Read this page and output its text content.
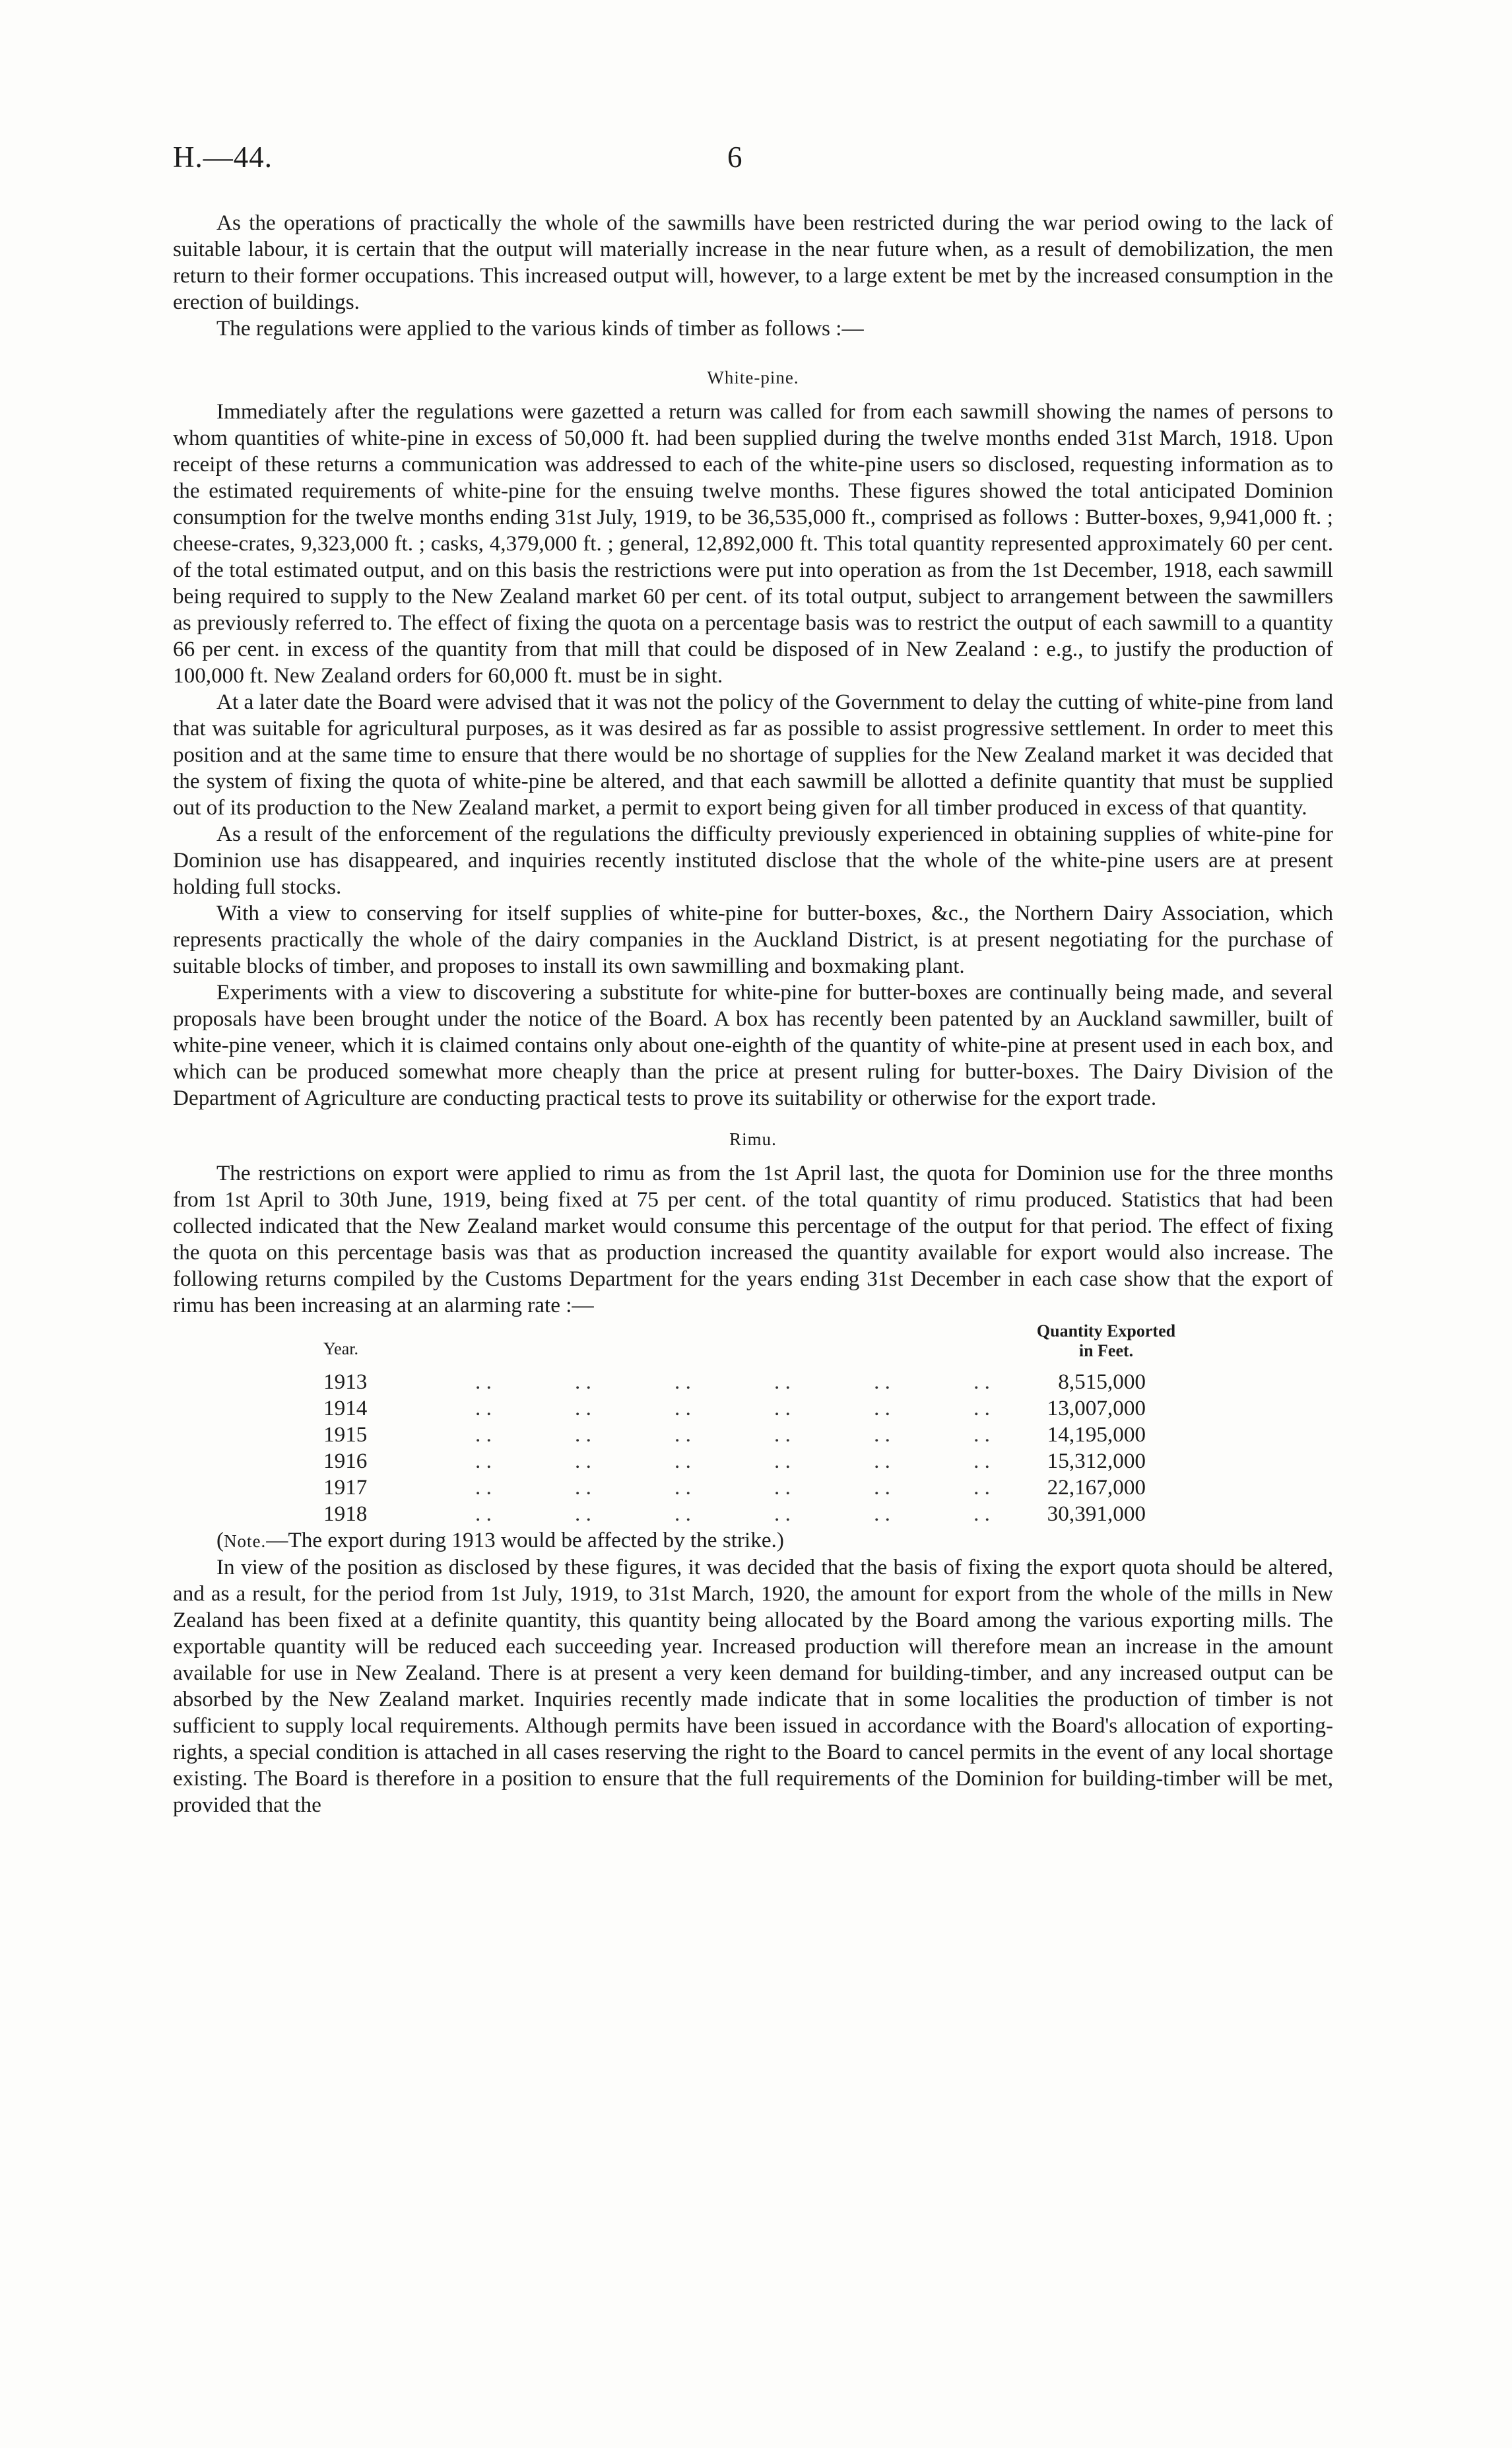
H.—44.	6

As the operations of practically the whole of the sawmills have been restricted during the war period owing to the lack of suitable labour, it is certain that the output will materially increase in the near future when, as a result of demobilization, the men return to their former occupations. This increased output will, however, to a large extent be met by the increased consumption in the erection of buildings.

The regulations were applied to the various kinds of timber as follows :—

White-pine.

Immediately after the regulations were gazetted a return was called for from each sawmill showing the names of persons to whom quantities of white-pine in excess of 50,000 ft. had been supplied during the twelve months ended 31st March, 1918. Upon receipt of these returns a communication was addressed to each of the white-pine users so disclosed, requesting information as to the estimated requirements of white-pine for the ensuing twelve months. These figures showed the total anticipated Dominion consumption for the twelve months ending 31st July, 1919, to be 36,535,000 ft., comprised as follows : Butter-boxes, 9,941,000 ft. ; cheese-crates, 9,323,000 ft. ; casks, 4,379,000 ft. ; general, 12,892,000 ft. This total quantity represented approximately 60 per cent. of the total estimated output, and on this basis the restrictions were put into operation as from the 1st December, 1918, each sawmill being required to supply to the New Zealand market 60 per cent. of its total output, subject to arrangement between the sawmillers as previously referred to. The effect of fixing the quota on a percentage basis was to restrict the output of each sawmill to a quantity 66 per cent. in excess of the quantity from that mill that could be disposed of in New Zealand : e.g., to justify the production of 100,000 ft. New Zealand orders for 60,000 ft. must be in sight.

At a later date the Board were advised that it was not the policy of the Government to delay the cutting of white-pine from land that was suitable for agricultural purposes, as it was desired as far as possible to assist progressive settlement. In order to meet this position and at the same time to ensure that there would be no shortage of supplies for the New Zealand market it was decided that the system of fixing the quota of white-pine be altered, and that each sawmill be allotted a definite quantity that must be supplied out of its production to the New Zealand market, a permit to export being given for all timber produced in excess of that quantity.

As a result of the enforcement of the regulations the difficulty previously experienced in obtaining supplies of white-pine for Dominion use has disappeared, and inquiries recently instituted disclose that the whole of the white-pine users are at present holding full stocks.

With a view to conserving for itself supplies of white-pine for butter-boxes, &c., the Northern Dairy Association, which represents practically the whole of the dairy companies in the Auckland District, is at present negotiating for the purchase of suitable blocks of timber, and proposes to install its own sawmilling and boxmaking plant.

Experiments with a view to discovering a substitute for white-pine for butter-boxes are continually being made, and several proposals have been brought under the notice of the Board. A box has recently been patented by an Auckland sawmiller, built of white-pine veneer, which it is claimed contains only about one-eighth of the quantity of white-pine at present used in each box, and which can be produced somewhat more cheaply than the price at present ruling for butter-boxes. The Dairy Division of the Department of Agriculture are conducting practical tests to prove its suitability or otherwise for the export trade.

Rimu.

The restrictions on export were applied to rimu as from the 1st April last, the quota for Dominion use for the three months from 1st April to 30th June, 1919, being fixed at 75 per cent. of the total quantity of rimu produced. Statistics that had been collected indicated that the New Zealand market would consume this percentage of the output for that period. The effect of fixing the quota on this percentage basis was that as production increased the quantity available for export would also increase. The following returns compiled by the Customs Department for the years ending 31st December in each case show that the export of rimu has been increasing at an alarming rate :—

Year.
Quantity Exported
in Feet.
1913	. .	. .	. .	. .	. .	. .	8,515,000
1914	. .	. .	. .	. .	. .	. .	13,007,000
1915	. .	. .	. .	. .	. .	. .	14,195,000
1916	. .	. .	. .	. .	. .	. .	15,312,000
1917	. .	. .	. .	. .	. .	. .	22,167,000
1918	. .	. .	. .	. .	. .	. .	30,391,000

(Note.—The export during 1913 would be affected by the strike.)

In view of the position as disclosed by these figures, it was decided that the basis of fixing the export quota should be altered, and as a result, for the period from 1st July, 1919, to 31st March, 1920, the amount for export from the whole of the mills in New Zealand has been fixed at a definite quantity, this quantity being allocated by the Board among the various exporting mills. The exportable quantity will be reduced each succeeding year. Increased production will therefore mean an increase in the amount available for use in New Zealand. There is at present a very keen demand for building-timber, and any increased output can be absorbed by the New Zealand market. Inquiries recently made indicate that in some localities the production of timber is not sufficient to supply local requirements. Although permits have been issued in accordance with the Board's allocation of exporting-rights, a special condition is attached in all cases reserving the right to the Board to cancel permits in the event of any local shortage existing. The Board is therefore in a position to ensure that the full requirements of the Dominion for building-timber will be met, provided that the
